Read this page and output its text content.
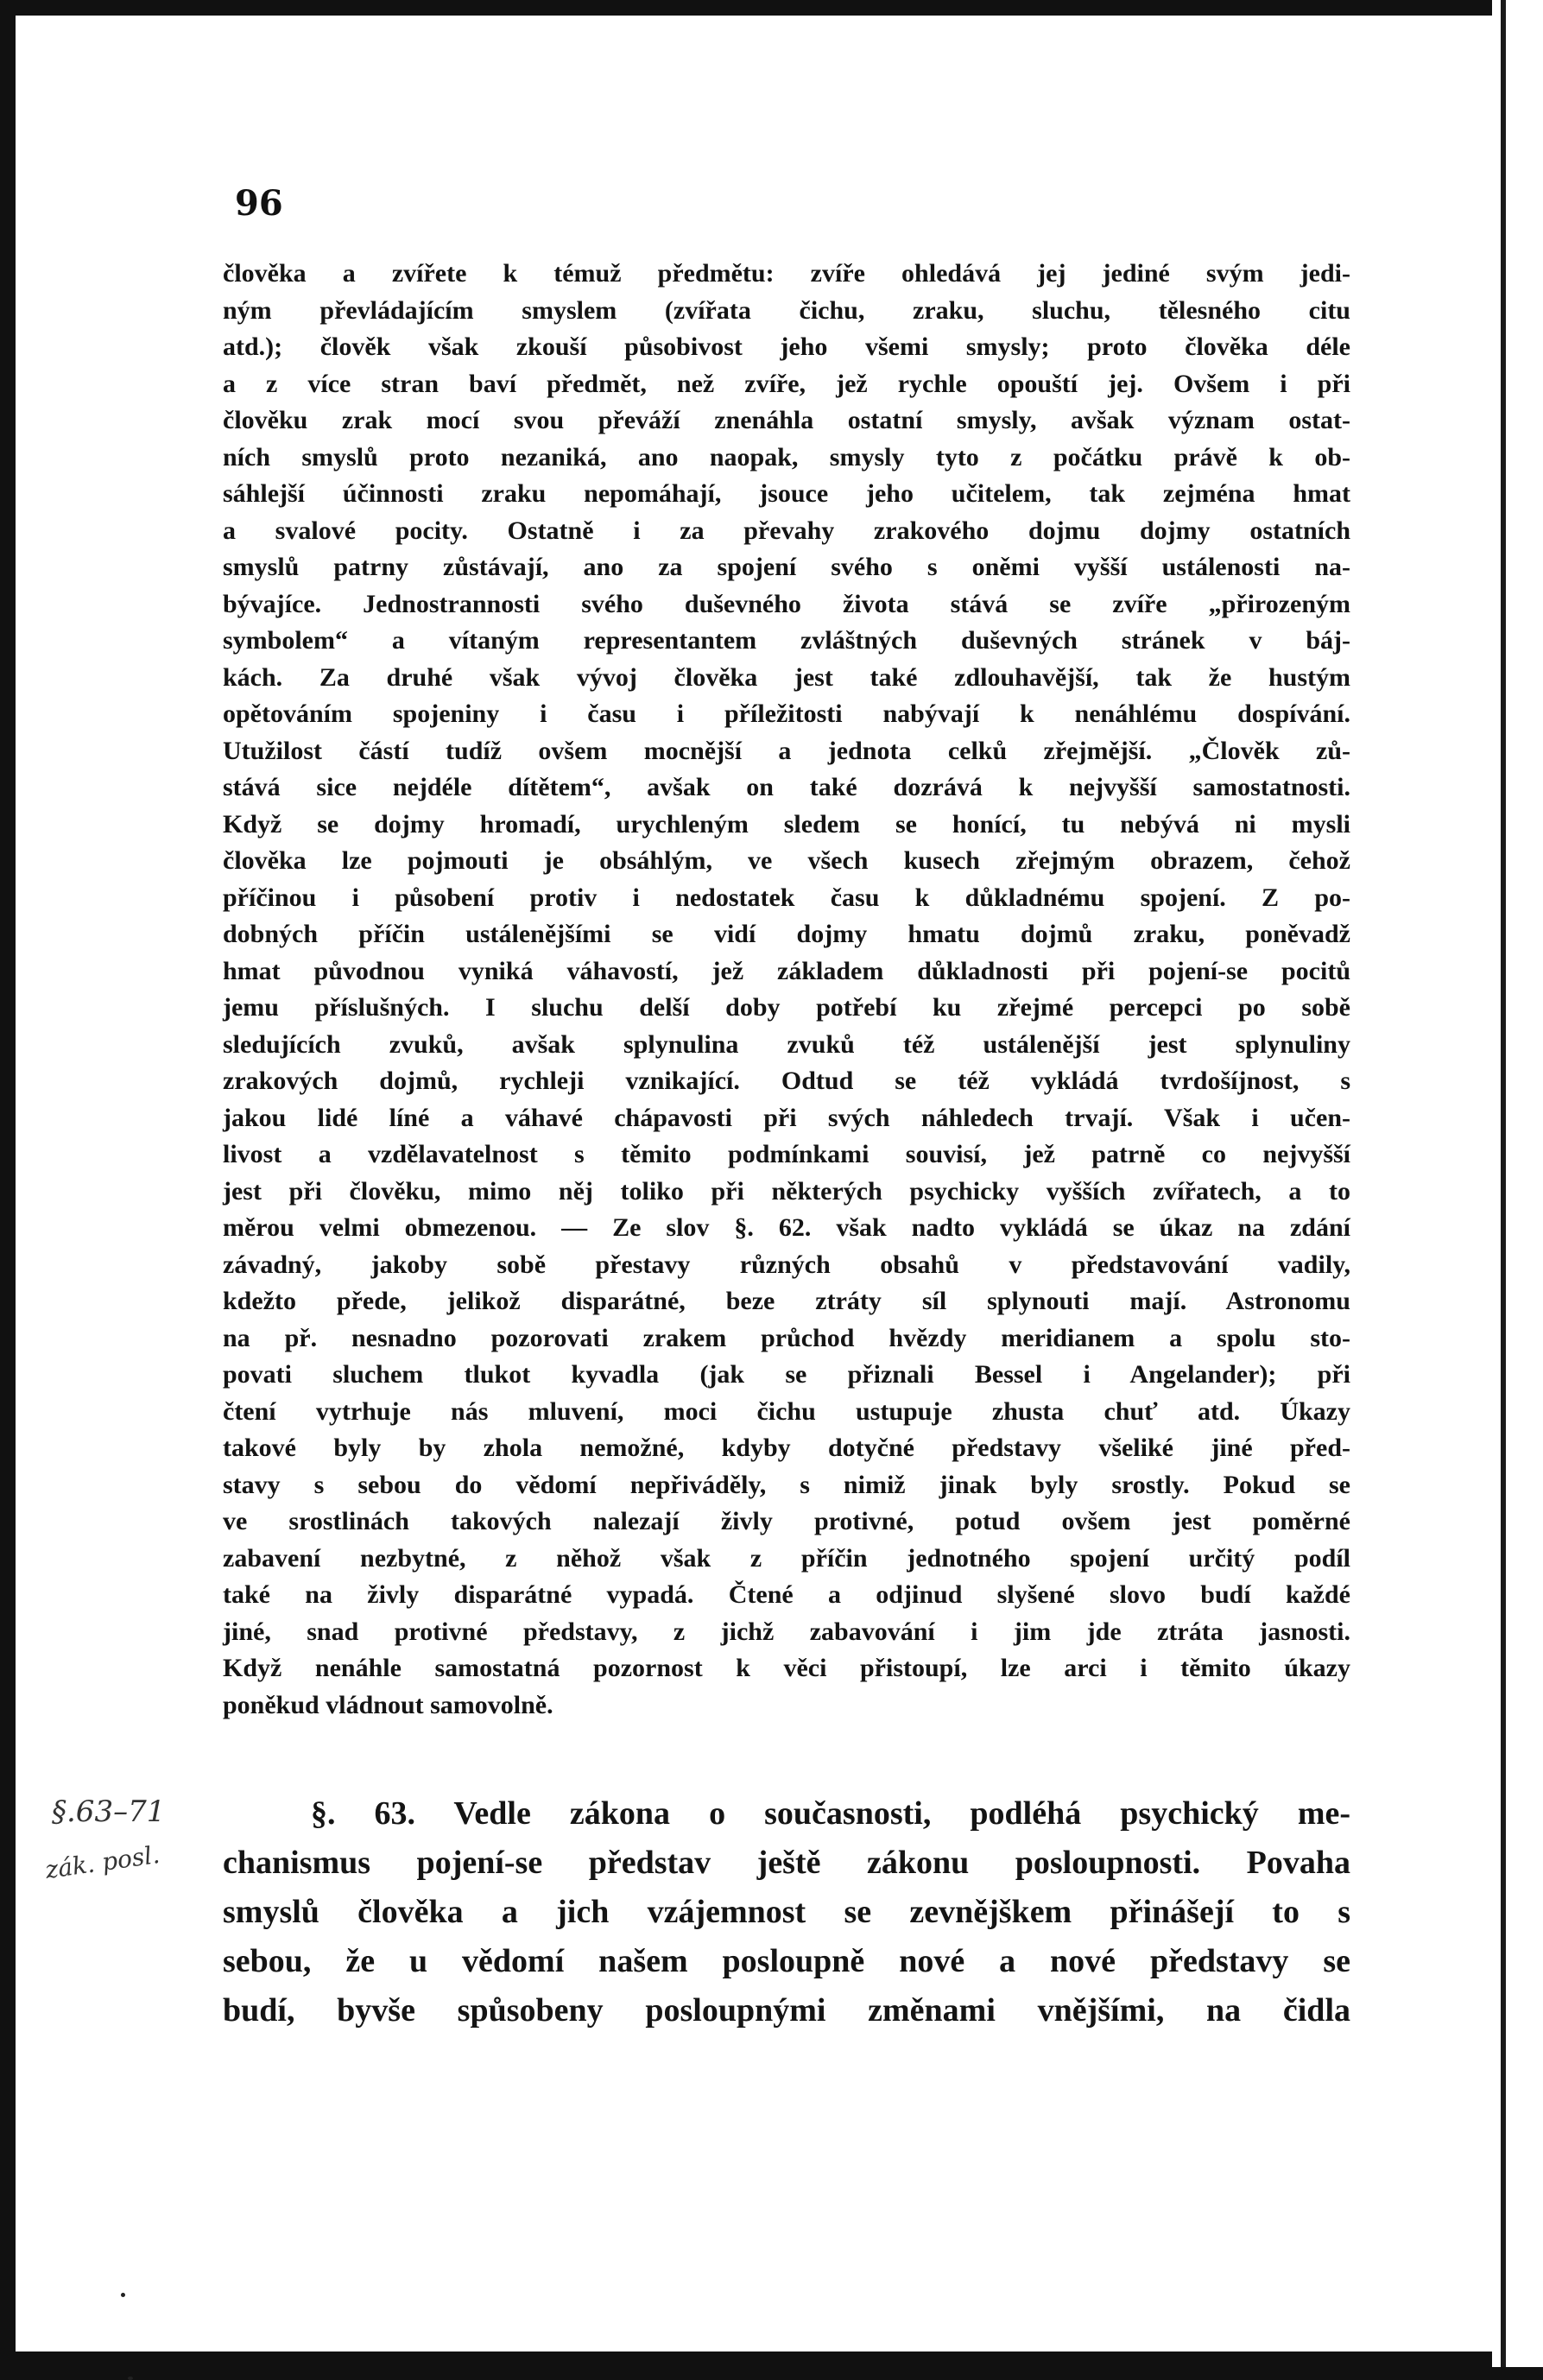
96
člověka a zvířete k témuž předmětu: zvíře ohledává jej jediné svým jedi-
ným převládajícím smyslem (zvířata čichu, zraku, sluchu, tělesného citu
atd.); člověk však zkouší působivost jeho všemi smysly; proto člověka déle
a z více stran baví předmět, než zvíře, jež rychle opouští jej. Ovšem i při
člověku zrak mocí svou převáží znenáhla ostatní smysly, avšak význam ostat-
ních smyslů proto nezaniká, ano naopak, smysly tyto z počátku právě k ob-
sáhlejší účinnosti zraku nepomáhají, jsouce jeho učitelem, tak zejména hmat
a svalové pocity. Ostatně i za převahy zrakového dojmu dojmy ostatních
smyslů patrny zůstávají, ano za spojení svého s oněmi vyšší ustálenosti na-
bývajíce. Jednostrannosti svého duševného života stává se zvíře „přirozeným
symbolem“ a vítaným representantem zvláštných duševných stránek v báj-
kách. Za druhé však vývoj člověka jest také zdlouhavější, tak že hustým
opětováním spojeniny i času i příležitosti nabývají k nenáhlému dospívání.
Utužilost částí tudíž ovšem mocnější a jednota celků zřejmější. „Člověk zů-
stává sice nejdéle dítětem“, avšak on také dozrává k nejvyšší samostatnosti.
Když se dojmy hromadí, urychleným sledem se honící, tu nebývá ni mysli
člověka lze pojmouti je obsáhlým, ve všech kusech zřejmým obrazem, čehož
příčinou i působení protiv i nedostatek času k důkladnému spojení. Z po-
dobných příčin ustálenějšími se vidí dojmy hmatu dojmů zraku, poněvadž
hmat původnou vyniká váhavostí, jež základem důkladnosti při pojení-se pocitů
jemu příslušných. I sluchu delší doby potřebí ku zřejmé percepci po sobě
sledujících zvuků, avšak splynulina zvuků též ustálenější jest splynuliny
zrakových dojmů, rychleji vznikající. Odtud se též vykládá tvrdošíjnost, s
jakou lidé líné a váhavé chápavosti při svých náhledech trvají. Však i učen-
livost a vzdělavatelnost s těmito podmínkami souvisí, jež patrně co nejvyšší
jest při člověku, mimo něj toliko při některých psychicky vyšších zvířatech, a to
měrou velmi obmezenou. — Ze slov §. 62. však nadto vykládá se úkaz na zdání
závadný, jakoby sobě přestavy různých obsahů v představování vadily,
kdežto přede, jelikož disparátné, beze ztráty síl splynouti mají. Astronomu
na př. nesnadno pozorovati zrakem průchod hvězdy meridianem a spolu sto-
povati sluchem tlukot kyvadla (jak se přiznali Bessel i Angelander); při
čtení vytrhuje nás mluvení, moci čichu ustupuje zhusta chuť atd. Úkazy
takové byly by zhola nemožné, kdyby dotyčné představy všeliké jiné před-
stavy s sebou do vědomí nepřiváděly, s nimiž jinak byly srostly. Pokud se
ve srostlinách takových nalezají živly protivné, potud ovšem jest poměrné
zabavení nezbytné, z něhož však z příčin jednotného spojení určitý podíl
také na živly disparátné vypadá. Čtené a odjinud slyšené slovo budí každé
jiné, snad protivné představy, z jichž zabavování i jim jde ztráta jasnosti.
Když nenáhle samostatná pozornost k věci přistoupí, lze arci i těmito úkazy
poněkud vládnout samovolně.
§. 63. Vedle zákona o současnosti, podléhá psychický me-
chanismus pojení-se představ ještě zákonu posloupnosti. Povaha
smyslů člověka a jich vzájemnost se zevnějškem přinášejí to s
sebou, že u vědomí našem posloupně nové a nové představy se
budí, byvše spůsobeny posloupnými změnami vnějšími, na čidla
§.63–71
zák. posl.
